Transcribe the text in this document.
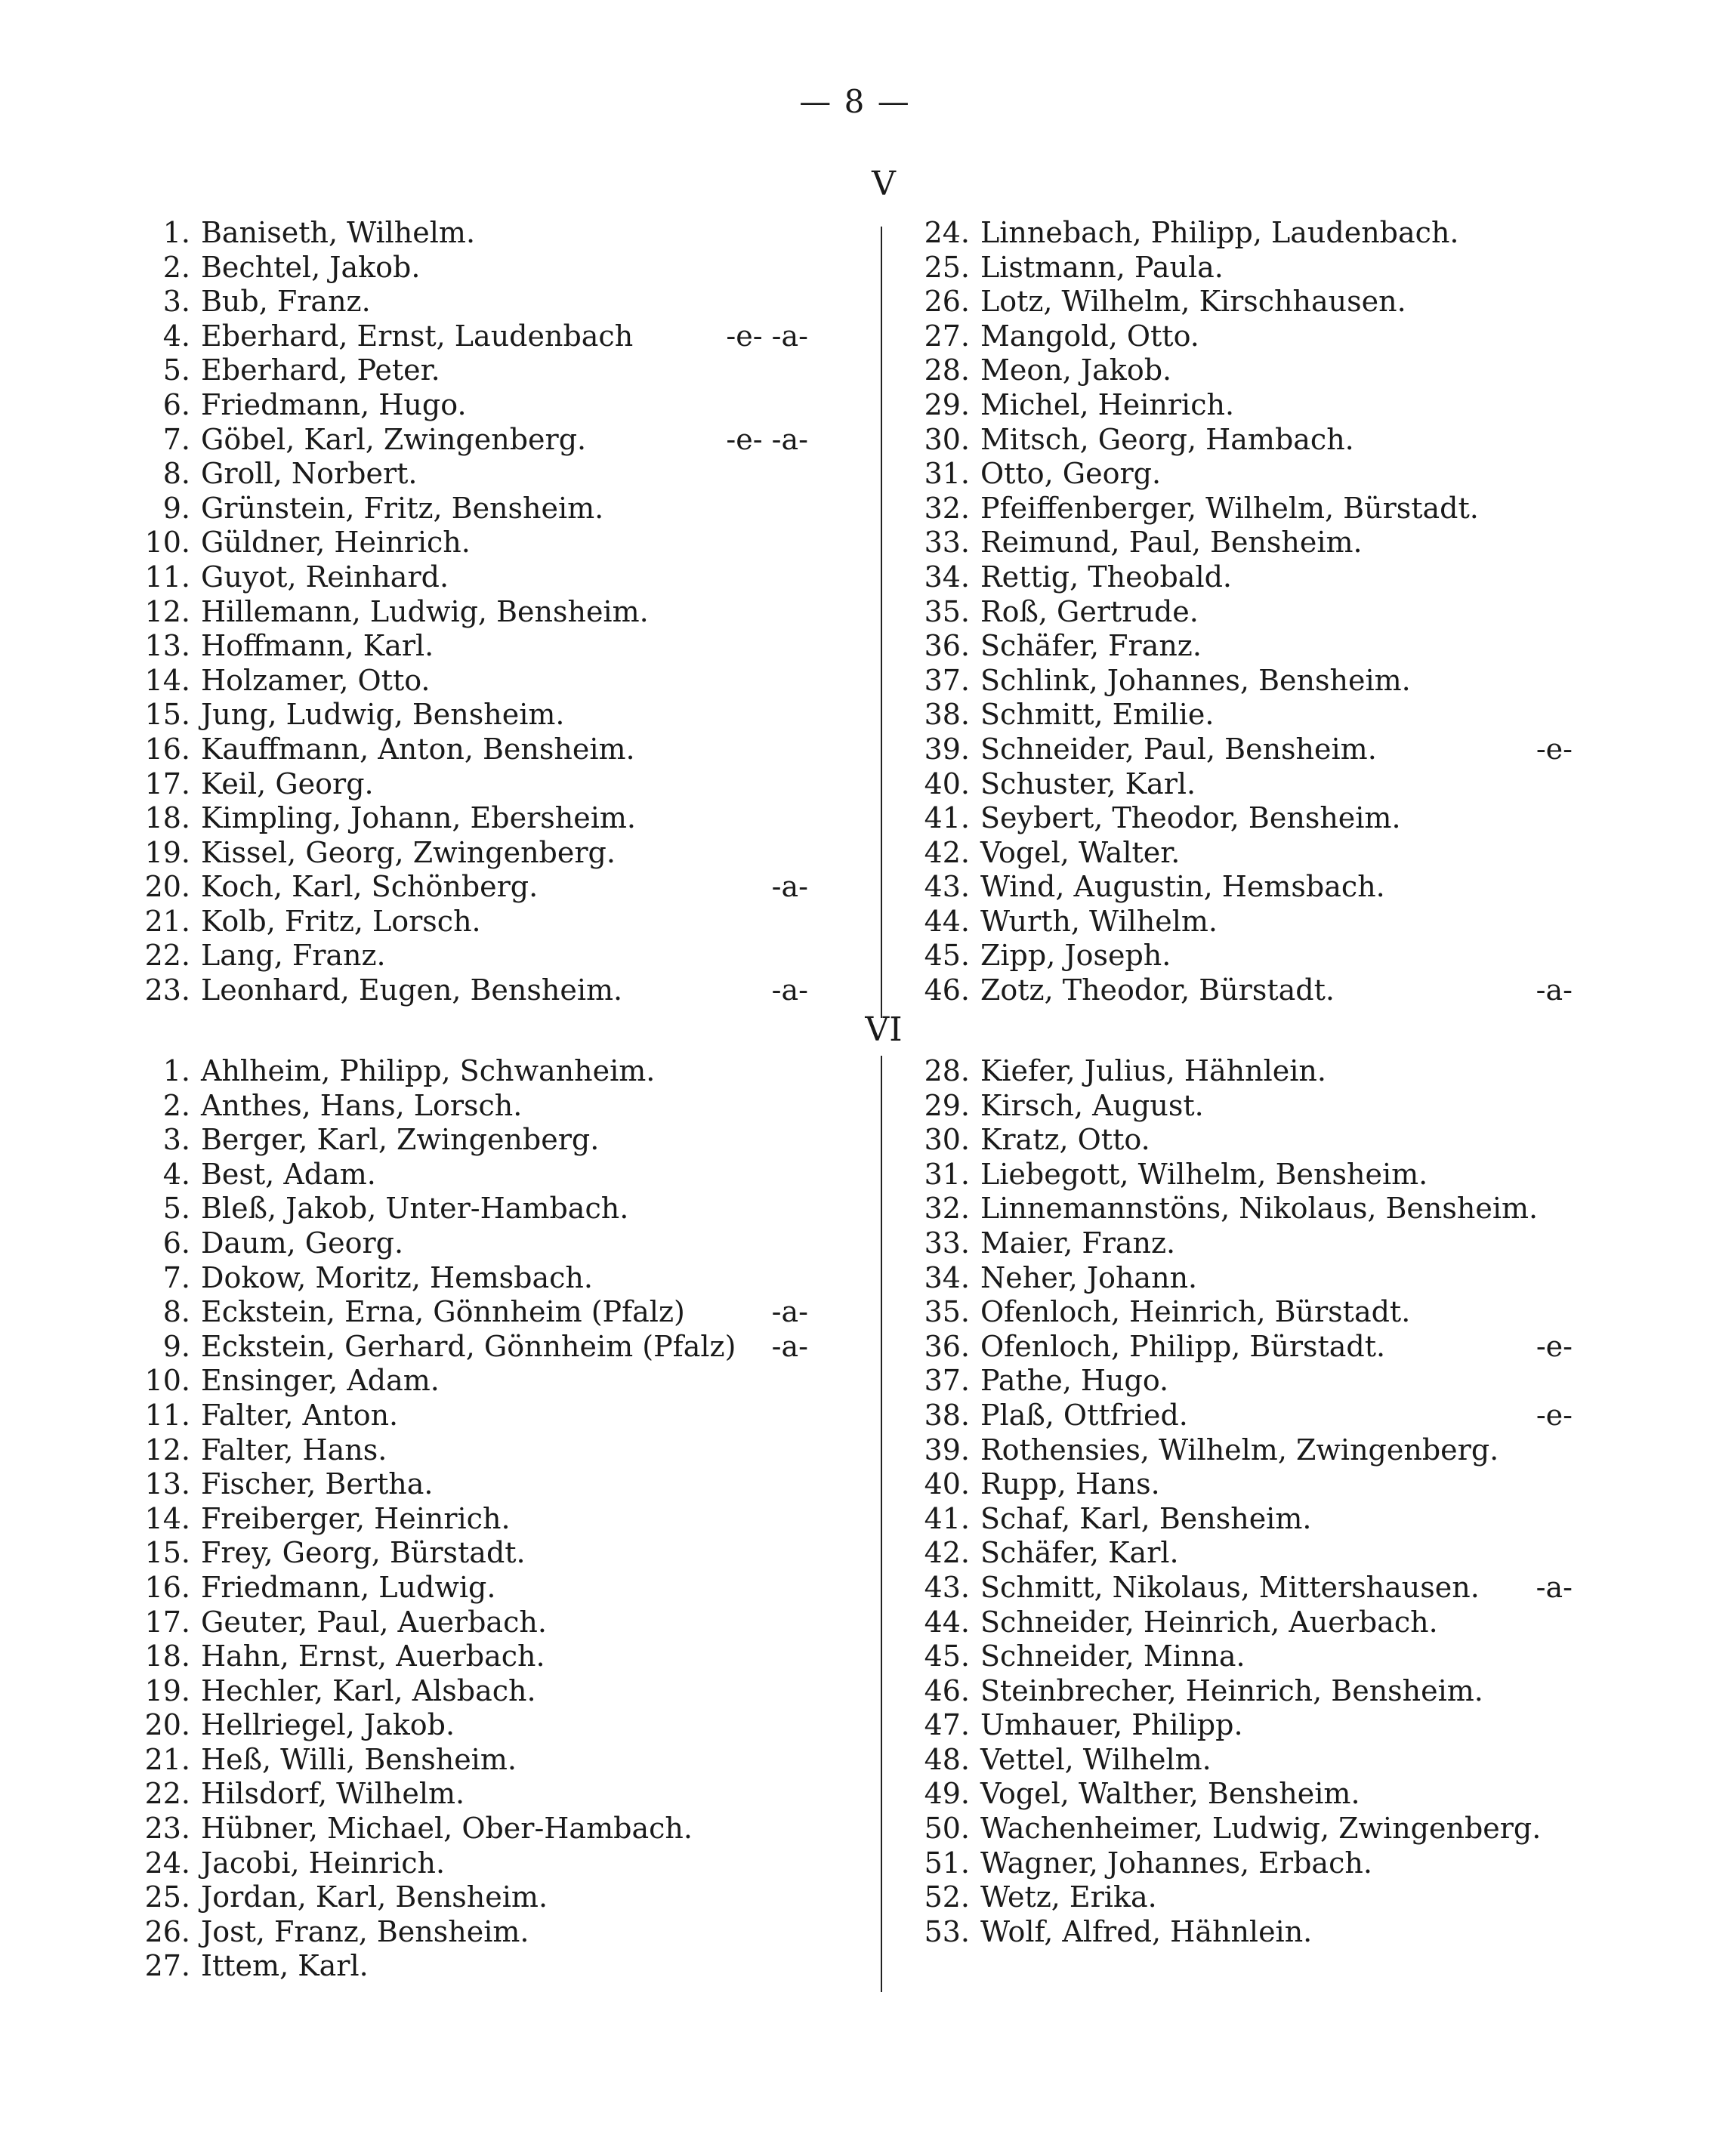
— 8 —
V
1. Baniseth, Wilhelm.
2. Bechtel, Jakob.
3. Bub, Franz.
4. Eberhard, Ernst, Laudenbach	-e- -a-
5. Eberhard, Peter.
6. Friedmann, Hugo.
7. Göbel, Karl, Zwingenberg.	-e- -a-
8. Groll, Norbert.
9. Grünstein, Fritz, Bensheim.
10. Güldner, Heinrich.
11. Guyot, Reinhard.
12. Hillemann, Ludwig, Bensheim.
13. Hoffmann, Karl.
14. Holzamer, Otto.
15. Jung, Ludwig, Bensheim.
16. Kauffmann, Anton, Bensheim.
17. Keil, Georg.
18. Kimpling, Johann, Ebersheim.
19. Kissel, Georg, Zwingenberg.
20. Koch, Karl, Schönberg.	-a-
21. Kolb, Fritz, Lorsch.
22. Lang, Franz.
23. Leonhard, Eugen, Bensheim.	-a-
24. Linnebach, Philipp, Laudenbach.
25. Listmann, Paula.
26. Lotz, Wilhelm, Kirschhausen.
27. Mangold, Otto.
28. Meon, Jakob.
29. Michel, Heinrich.
30. Mitsch, Georg, Hambach.
31. Otto, Georg.
32. Pfeiffenberger, Wilhelm, Bürstadt.
33. Reimund, Paul, Bensheim.
34. Rettig, Theobald.
35. Roß, Gertrude.
36. Schäfer, Franz.
37. Schlink, Johannes, Bensheim.
38. Schmitt, Emilie.
39. Schneider, Paul, Bensheim.	-e-
40. Schuster, Karl.
41. Seybert, Theodor, Bensheim.
42. Vogel, Walter.
43. Wind, Augustin, Hemsbach.
44. Wurth, Wilhelm.
45. Zipp, Joseph.
46. Zotz, Theodor, Bürstadt.	-a-
VI
1. Ahlheim, Philipp, Schwanheim.
2. Anthes, Hans, Lorsch.
3. Berger, Karl, Zwingenberg.
4. Best, Adam.
5. Bleß, Jakob, Unter-Hambach.
6. Daum, Georg.
7. Dokow, Moritz, Hemsbach.
8. Eckstein, Erna, Gönnheim (Pfalz)	-a-
9. Eckstein, Gerhard, Gönnheim (Pfalz)	-a-
10. Ensinger, Adam.
11. Falter, Anton.
12. Falter, Hans.
13. Fischer, Bertha.
14. Freiberger, Heinrich.
15. Frey, Georg, Bürstadt.
16. Friedmann, Ludwig.
17. Geuter, Paul, Auerbach.
18. Hahn, Ernst, Auerbach.
19. Hechler, Karl, Alsbach.
20. Hellriegel, Jakob.
21. Heß, Willi, Bensheim.
22. Hilsdorf, Wilhelm.
23. Hübner, Michael, Ober-Hambach.
24. Jacobi, Heinrich.
25. Jordan, Karl, Bensheim.
26. Jost, Franz, Bensheim.
27. Ittem, Karl.
28. Kiefer, Julius, Hähnlein.
29. Kirsch, August.
30. Kratz, Otto.
31. Liebegott, Wilhelm, Bensheim.
32. Linnemannstöns, Nikolaus, Bensheim.
33. Maier, Franz.
34. Neher, Johann.
35. Ofenloch, Heinrich, Bürstadt.
36. Ofenloch, Philipp, Bürstadt.	-e-
37. Pathe, Hugo.
38. Plaß, Ottfried.	-e-
39. Rothensies, Wilhelm, Zwingenberg.
40. Rupp, Hans.
41. Schaf, Karl, Bensheim.
42. Schäfer, Karl.
43. Schmitt, Nikolaus, Mittershausen.	-a-
44. Schneider, Heinrich, Auerbach.
45. Schneider, Minna.
46. Steinbrecher, Heinrich, Bensheim.
47. Umhauer, Philipp.
48. Vettel, Wilhelm.
49. Vogel, Walther, Bensheim.
50. Wachenheimer, Ludwig, Zwingenberg.
51. Wagner, Johannes, Erbach.
52. Wetz, Erika.
53. Wolf, Alfred, Hähnlein.
